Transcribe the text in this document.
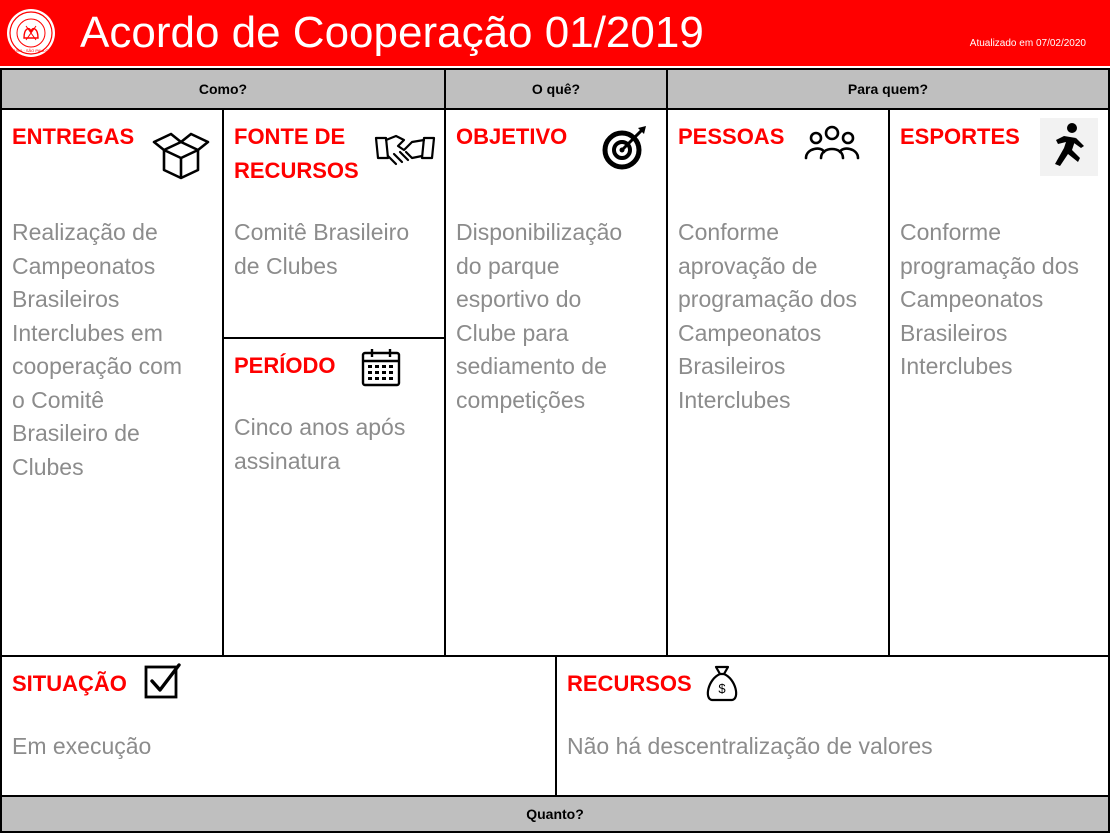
1900 · SÃO PAULO Acordo de Cooperação 01/2019	Atualizado em 07/02/2020
Como?	O quê?	Para quem?
ENTREGAS
Realização de
Campeonatos
Brasileiros
Interclubes em
cooperação com
o Comitê
Brasileiro de
Clubes
FONTE DE
RECURSOS
Comitê Brasileiro
de Clubes
PERÍODO
Cinco anos após
assinatura
OBJETIVO
Disponibilização
do parque
esportivo do
Clube para
sediamento de
competições
PESSOAS
Conforme
aprovação de
programação dos
Campeonatos
Brasileiros
Interclubes
ESPORTES
Conforme
programação dos
Campeonatos
Brasileiros
Interclubes
SITUAÇÃO
Em execução
RECURSOS $
Não há descentralização de valores
Quanto?
